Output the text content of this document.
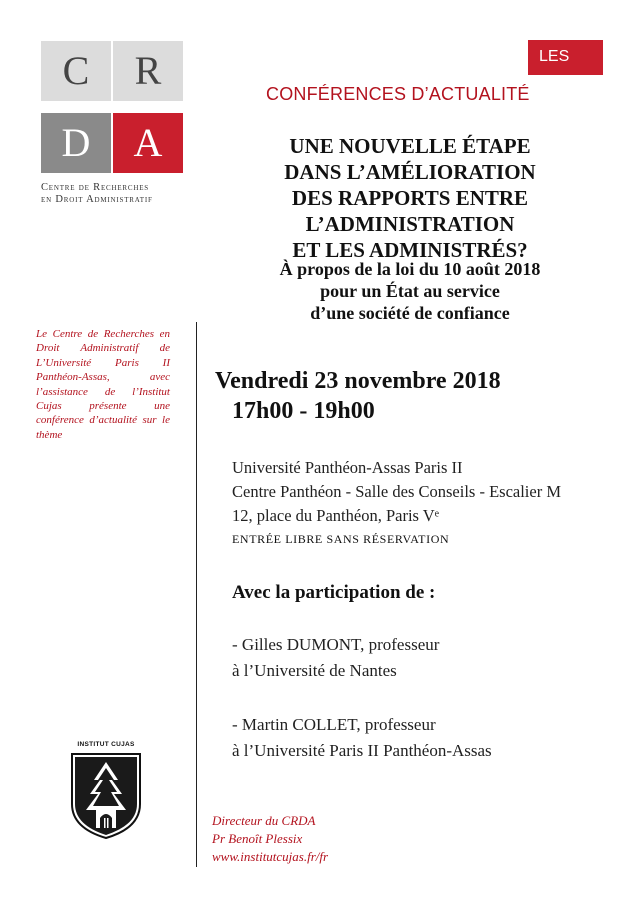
C	R
D	A
Centre de Recherches
en Droit Administratif
LES
CONFÉRENCES D’ACTUALITÉ
UNE NOUVELLE ÉTAPE
DANS L’AMÉLIORATION
DES RAPPORTS ENTRE
L’ADMINISTRATION
ET LES ADMINISTRÉS?
À propos de la loi du 10 août 2018
pour un État au service
d’une société de confiance
Le Centre de Recherches en Droit Administratif de L’Université Paris II Panthéon-Assas, avec l’assistance de l’Institut Cujas présente une conférence d’actualité sur le thème
Vendredi 23 novembre 2018
17h00 - 19h00
Université Panthéon-Assas Paris II
Centre Panthéon - Salle des Conseils - Escalier M
12, place du Panthéon, Paris Vᵉ
ENTRÉE LIBRE SANS RÉSERVATION
Avec la participation de :
- Gilles DUMONT, professeur
à l’Université de Nantes
- Martin COLLET, professeur
à l’Université Paris II Panthéon-Assas
INSTITUT CUJAS
Directeur du CRDA
Pr Benoît Plessix
www.institutcujas.fr/fr
